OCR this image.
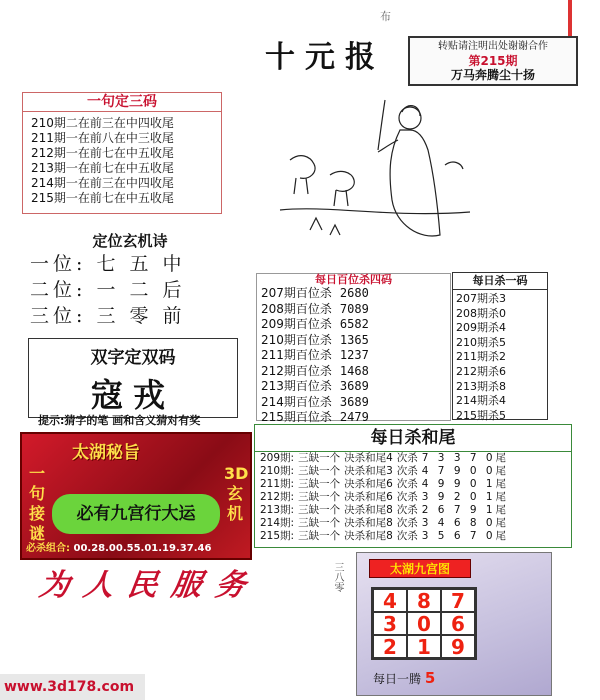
布
十元报	转贴请注明出处谢谢合作
第215期
万马奔腾尘十扬
一句定三码
210期二在前三在中四收尾
211期一在前八在中三收尾
212期一在前七在中五收尾
213期一在前七在中五收尾
214期一在前三在中四收尾
215期一在前七在中五收尾
定位玄机诗
一位: 七 五 中
二位: 一 二 后
三位: 三 零 前
双字定双码
寇戎
提示:猜字的笔 画和含义猜对有奖
太湖秘旨
一句接谜
3D玄机
必有九宫行大运
必杀组合: 00.28.00.55.01.19.37.46
为人民服务	三八零
每日百位杀四码
207期百位杀 2680
208期百位杀 7089
209期百位杀 6582
210期百位杀 1365
211期百位杀 1237
212期百位杀 1468
213期百位杀 3689
214期百位杀 3689
215期百位杀 2479
每日杀一码
207期杀3
208期杀0
209期杀4
210期杀5
211期杀2
212期杀6
213期杀8
214期杀4
215期杀5
每日杀和尾
209期:	三缺一个	决杀和尾4	次杀	7 3 3 7 0尾
210期:	三缺一个	决杀和尾3	次杀	4 7 9 0 0尾
211期:	三缺一个	决杀和尾6	次杀	4 9 9 0 1尾
212期:	三缺一个	决杀和尾6	次杀	3 9 2 0 1尾
213期:	三缺一个	决杀和尾8	次杀	2 6 7 9 1尾
214期:	三缺一个	决杀和尾8	次杀	3 4 6 8 0尾
215期:	三缺一个	决杀和尾8	次杀	3 5 6 7 0尾
太湖九宫图
4	8	7
3	0	6
2	1	9
每日一腾 5
www.3d178.com
